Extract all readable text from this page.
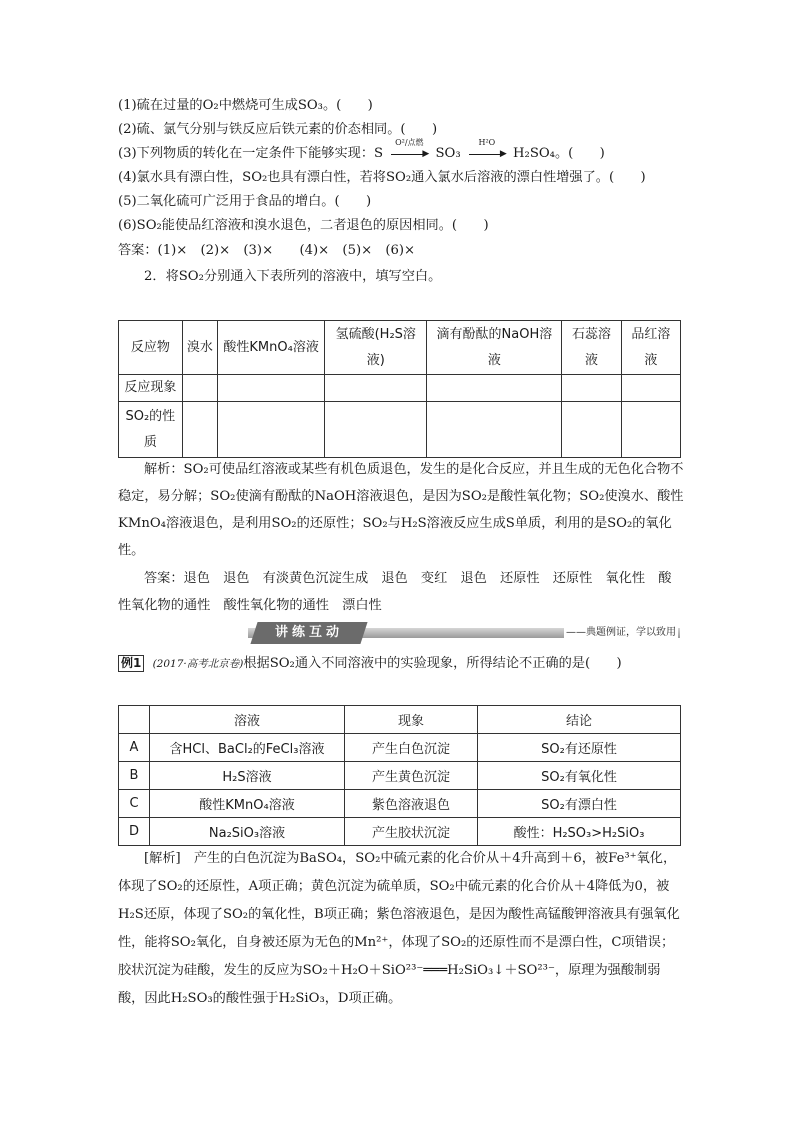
(1)硫在过量的O₂中燃烧可生成SO₃。(　　)
(2)硫、氯气分别与铁反应后铁元素的价态相同。(　　)
(3)下列物质的转化在一定条件下能够实现：S
O²/点燃
▶ SO₃
H²O
▶ H₂SO₄。(　　)
(4)氯水具有漂白性，SO₂也具有漂白性，若将SO₂通入氯水后溶液的漂白性增强了。(　　)
(5)二氧化硫可广泛用于食品的增白。(　　)
(6)SO₂能使品红溶液和溴水退色，二者退色的原因相同。(　　)
答案：(1)×　(2)×　(3)×　　(4)×　(5)×　(6)×
2．将SO₂分别通入下表所列的溶液中，填写空白。
反应物	溴水	酸性KMnO₄溶液	氢硫酸(H₂S溶液)	滴有酚酞的NaOH溶液	石蕊溶液	品红溶液
反应现象						
SO₂的性质						
解析：SO₂可使品红溶液或某些有机色质退色，发生的是化合反应，并且生成的无色化合物不稳定，易分解；SO₂使滴有酚酞的NaOH溶液退色，是因为SO₂是酸性氧化物；SO₂使溴水、酸性KMnO₄溶液退色，是利用SO₂的还原性；SO₂与H₂S溶液反应生成S单质，利用的是SO₂的氧化性。
答案：退色　退色　有淡黄色沉淀生成　退色　变红　退色　还原性　还原性　氧化性　酸性氧化物的通性　酸性氧化物的通性　漂白性
讲练互动	——典题例证，学以致用
例1 (2017·高考北京卷)根据SO₂通入不同溶液中的实验现象，所得结论不正确的是(　　)
	溶液	现象	结论
A	含HCl、BaCl₂的FeCl₃溶液	产生白色沉淀	SO₂有还原性
B	H₂S溶液	产生黄色沉淀	SO₂有氧化性
C	酸性KMnO₄溶液	紫色溶液退色	SO₂有漂白性
D	Na₂SiO₃溶液	产生胶状沉淀	酸性：H₂SO₃>H₂SiO₃
[解析]　产生的白色沉淀为BaSO₄，SO₂中硫元素的化合价从＋4升高到＋6，被Fe³⁺氧化，体现了SO₂的还原性，A项正确；黄色沉淀为硫单质，SO₂中硫元素的化合价从＋4降低为0，被H₂S还原，体现了SO₂的氧化性，B项正确；紫色溶液退色，是因为酸性高锰酸钾溶液具有强氧化性，能将SO₂氧化，自身被还原为无色的Mn²⁺，体现了SO₂的还原性而不是漂白性，C项错误；胶状沉淀为硅酸，发生的反应为SO₂＋H₂O＋SiO²³⁻═══H₂SiO₃↓＋SO²³⁻，原理为强酸制弱酸，因此H₂SO₃的酸性强于H₂SiO₃，D项正确。
